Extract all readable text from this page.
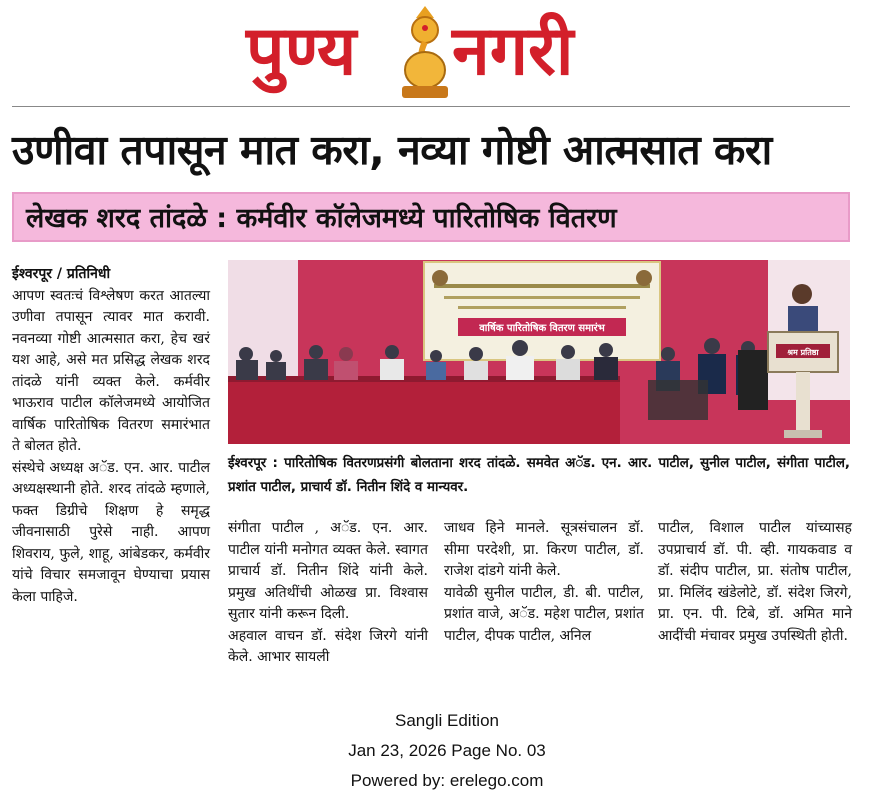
पुण्य नगरी
उणीवा तपासून मात करा, नव्या गोष्टी आत्मसात करा
लेखक शरद तांदळे : कर्मवीर कॉलेजमध्ये पारितोषिक वितरण
ईश्वरपूर / प्रतिनिधी
आपण स्वतःचं विश्लेषण करत आतल्या उणीवा तपासून त्यावर मात करावी. नवनव्या गोष्टी आत्मसात करा, हेच खरं यश आहे, असे मत प्रसिद्ध लेखक शरद तांदळे यांनी व्यक्त केले. कर्मवीर भाऊराव पाटील कॉलेजमध्ये आयोजित वार्षिक पारितोषिक वितरण समारंभात ते बोलत होते.
संस्थेचे अध्यक्ष अॅड. एन. आर. पाटील अध्यक्षस्थानी होते. शरद तांदळे म्हणाले, फक्त डिग्रीचे शिक्षण हे समृद्ध जीवनासाठी पुरेसे नाही. आपण शिवराय, फुले, शाहू, आंबेडकर, कर्मवीर यांचे विचार समजावून घेण्याचा प्रयास केला पाहिजे.
वार्षिक पारितोषिक वितरण समारंभ
श्रम प्रतिष्ठा
ईश्वरपूर : पारितोषिक वितरणप्रसंगी बोलताना शरद तांदळे. समवेत अॅड. एन. आर. पाटील, सुनील पाटील, संगीता पाटील, प्रशांत पाटील, प्राचार्य डॉ. नितीन शिंदे व मान्यवर.
संगीता पाटील , अॅड. एन. आर. पाटील यांनी मनोगत व्यक्त केले. स्वागत प्राचार्य डॉ. नितीन शिंदे यांनी केले. प्रमुख अतिथींची ओळख प्रा. विश्वास सुतार यांनी करून दिली.
अहवाल वाचन डॉ. संदेश जिरगे यांनी केले. आभार सायली
जाधव हिने मानले. सूत्रसंचालन डॉ. सीमा परदेशी, प्रा. किरण पाटील, डॉ. राजेश दांडगे यांनी केले.
यावेळी सुनील पाटील, डी. बी. पाटील, प्रशांत वाजे, अॅड. महेश पाटील, प्रशांत पाटील, दीपक पाटील, अनिल
पाटील, विशाल पाटील यांच्यासह उपप्राचार्य डॉ. पी. व्ही. गायकवाड व डॉ. संदीप पाटील, प्रा. संतोष पाटील, प्रा. मिलिंद खंडेलोटे, डॉ. संदेश जिरगे, प्रा. एन. पी. टिबे, डॉ. अमित माने आदींची मंचावर प्रमुख उपस्थिती होती.
Sangli Edition
Jan 23, 2026 Page No. 03
Powered by: erelego.com
